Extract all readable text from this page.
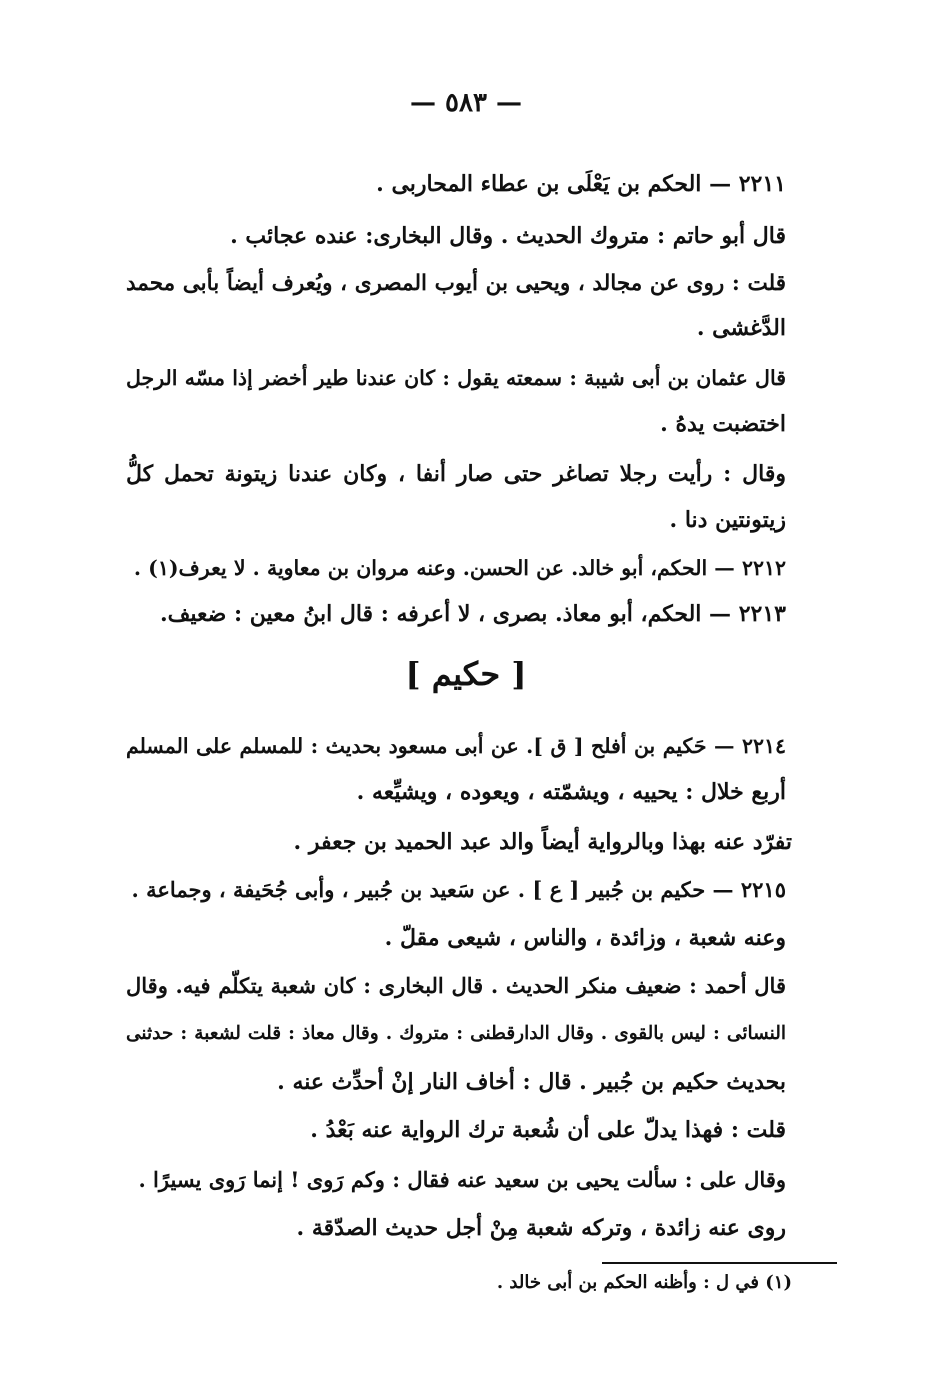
— ٥٨٣ —
٢٢١١ — الحكم بن يَعْلَى بن عطاء المحاربى .
قال أبو حاتم : متروك الحديث . وقال البخارى: عنده عجائب .
قلت : روى عن مجالد ، ويحيى بن أيوب المصرى ، ويُعرف أيضاً بأبى محمد
الدَّغشى .
قال عثمان بن أبى شيبة : سمعته يقول : كان عندنا طير أخضر إذا مسّه الرجل
اختضبت يدهُ .
وقال : رأيت رجلا تصاغر حتى صار أنفا ، وكان عندنا زيتونة تحمل كلُّ
زيتونتين دنا .
٢٢١٢ — الحكم، أبو خالد. عن الحسن. وعنه مروان بن معاوية . لا يعرف(١) .
٢٢١٣ — الحكم، أبو معاذ. بصرى ، لا أعرفه : قال ابنُ معين : ضعيف.
[ حكيم ]
٢٢١٤ — حَكيم بن أفلح [ ق ]. عن أبى مسعود بحديث : للمسلم على المسلم
أربع خلال : يحييه ، ويشمّته ، ويعوده ، ويشيِّعه .
تفرّد عنه بهذا وبالرواية أيضاً والد عبد الحميد بن جعفر .
٢٢١٥ — حكيم بن جُبير [ ع ] . عن سَعيد بن جُبير ، وأبى جُحَيفة ، وجماعة .
وعنه شعبة ، وزائدة ، والناس ، شيعى مقلّ .
قال أحمد : ضعيف منكر الحديث . قال البخارى : كان شعبة يتكلّم فيه. وقال
النسائى : ليس بالقوى . وقال الدارقطنى : متروك . وقال معاذ : قلت لشعبة : حدثنى
بحديث حكيم بن جُبير . قال : أخاف النار إنْ أحدِّث عنه .
قلت : فهذا يدلّ على أن شُعبة ترك الرواية عنه بَعْدُ .
وقال على : سألت يحيى بن سعيد عنه فقال : وكم رَوى ! إنما رَوى يسيرًا .
روى عنه زائدة ، وتركه شعبة مِنْ أجل حديث الصدّقة .
(١) في ل : وأظنه الحكم بن أبى خالد .
